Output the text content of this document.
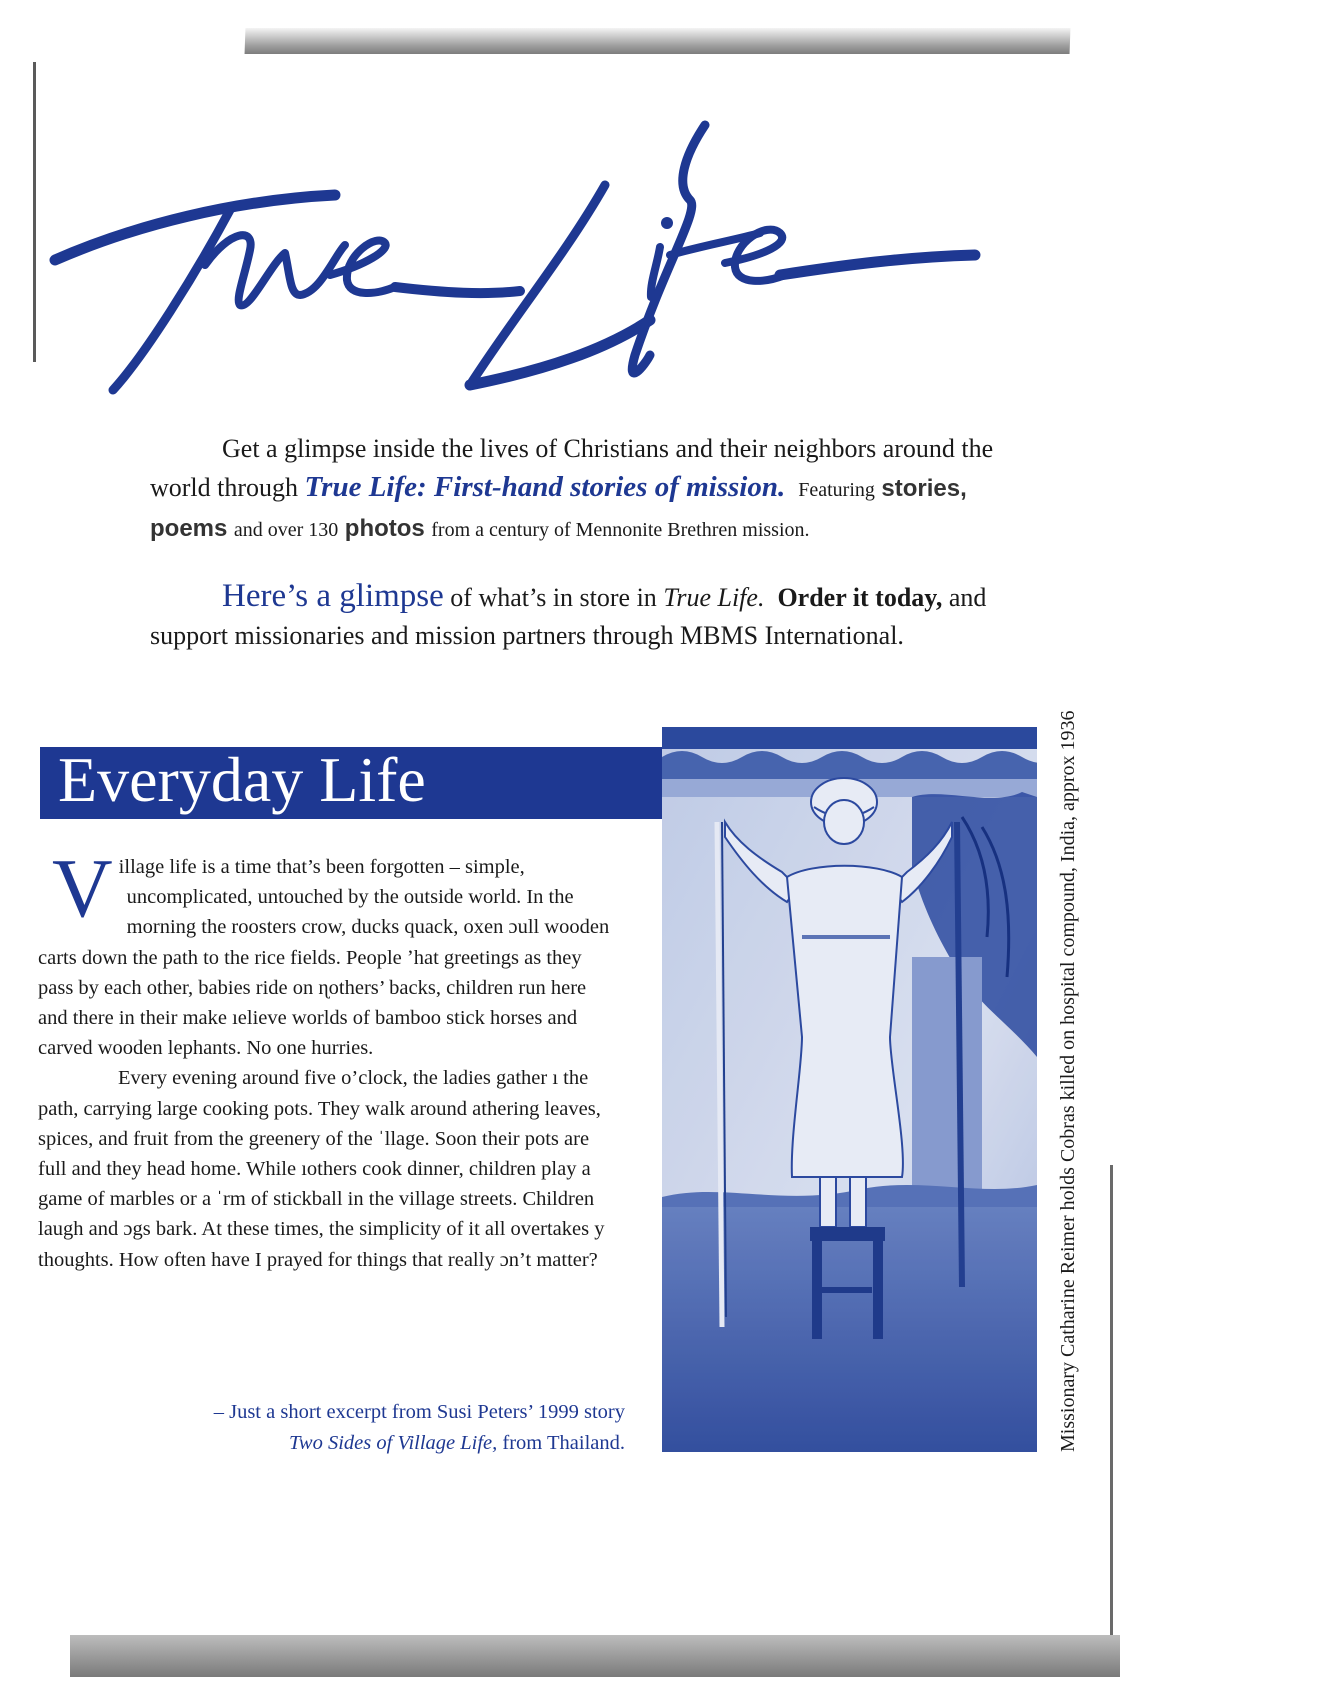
Get a glimpse inside the lives of Christians and their neighbors around the world through True Life: First-hand stories of mission. Featuring stories, poems and over 130 photos from a century of Mennonite Brethren mission.

Here’s a glimpse of what’s in store in True Life. Order it today, and support missionaries and mission partners through MBMS International.

Everyday Life

Village life is a time that’s been forgotten – simple, uncomplicated, untouched by the outside world. In the morning the roosters crow, ducks quack, oxen ɔull wooden carts down the path to the rice fields. People ʼhat greetings as they pass by each other, babies ride on ɳothers’ backs, children run here and there in their make ıelieve worlds of bamboo stick horses and carved wooden lephants. No one hurries.

Every evening around five o’clock, the ladies gather ı the path, carrying large cooking pots. They walk around athering leaves, spices, and fruit from the greenery of the ˈllage. Soon their pots are full and they head home. While ıothers cook dinner, children play a game of marbles or a ˈrm of stickball in the village streets. Children laugh and ɔgs bark. At these times, the simplicity of it all overtakes y thoughts. How often have I prayed for things that really ɔn’t matter?

– Just a short excerpt from Susi Peters’ 1999 story
Two Sides of Village Life, from Thailand.	Missionary Catharine Reimer holds Cobras killed on hospital compound, India, approx 1936
